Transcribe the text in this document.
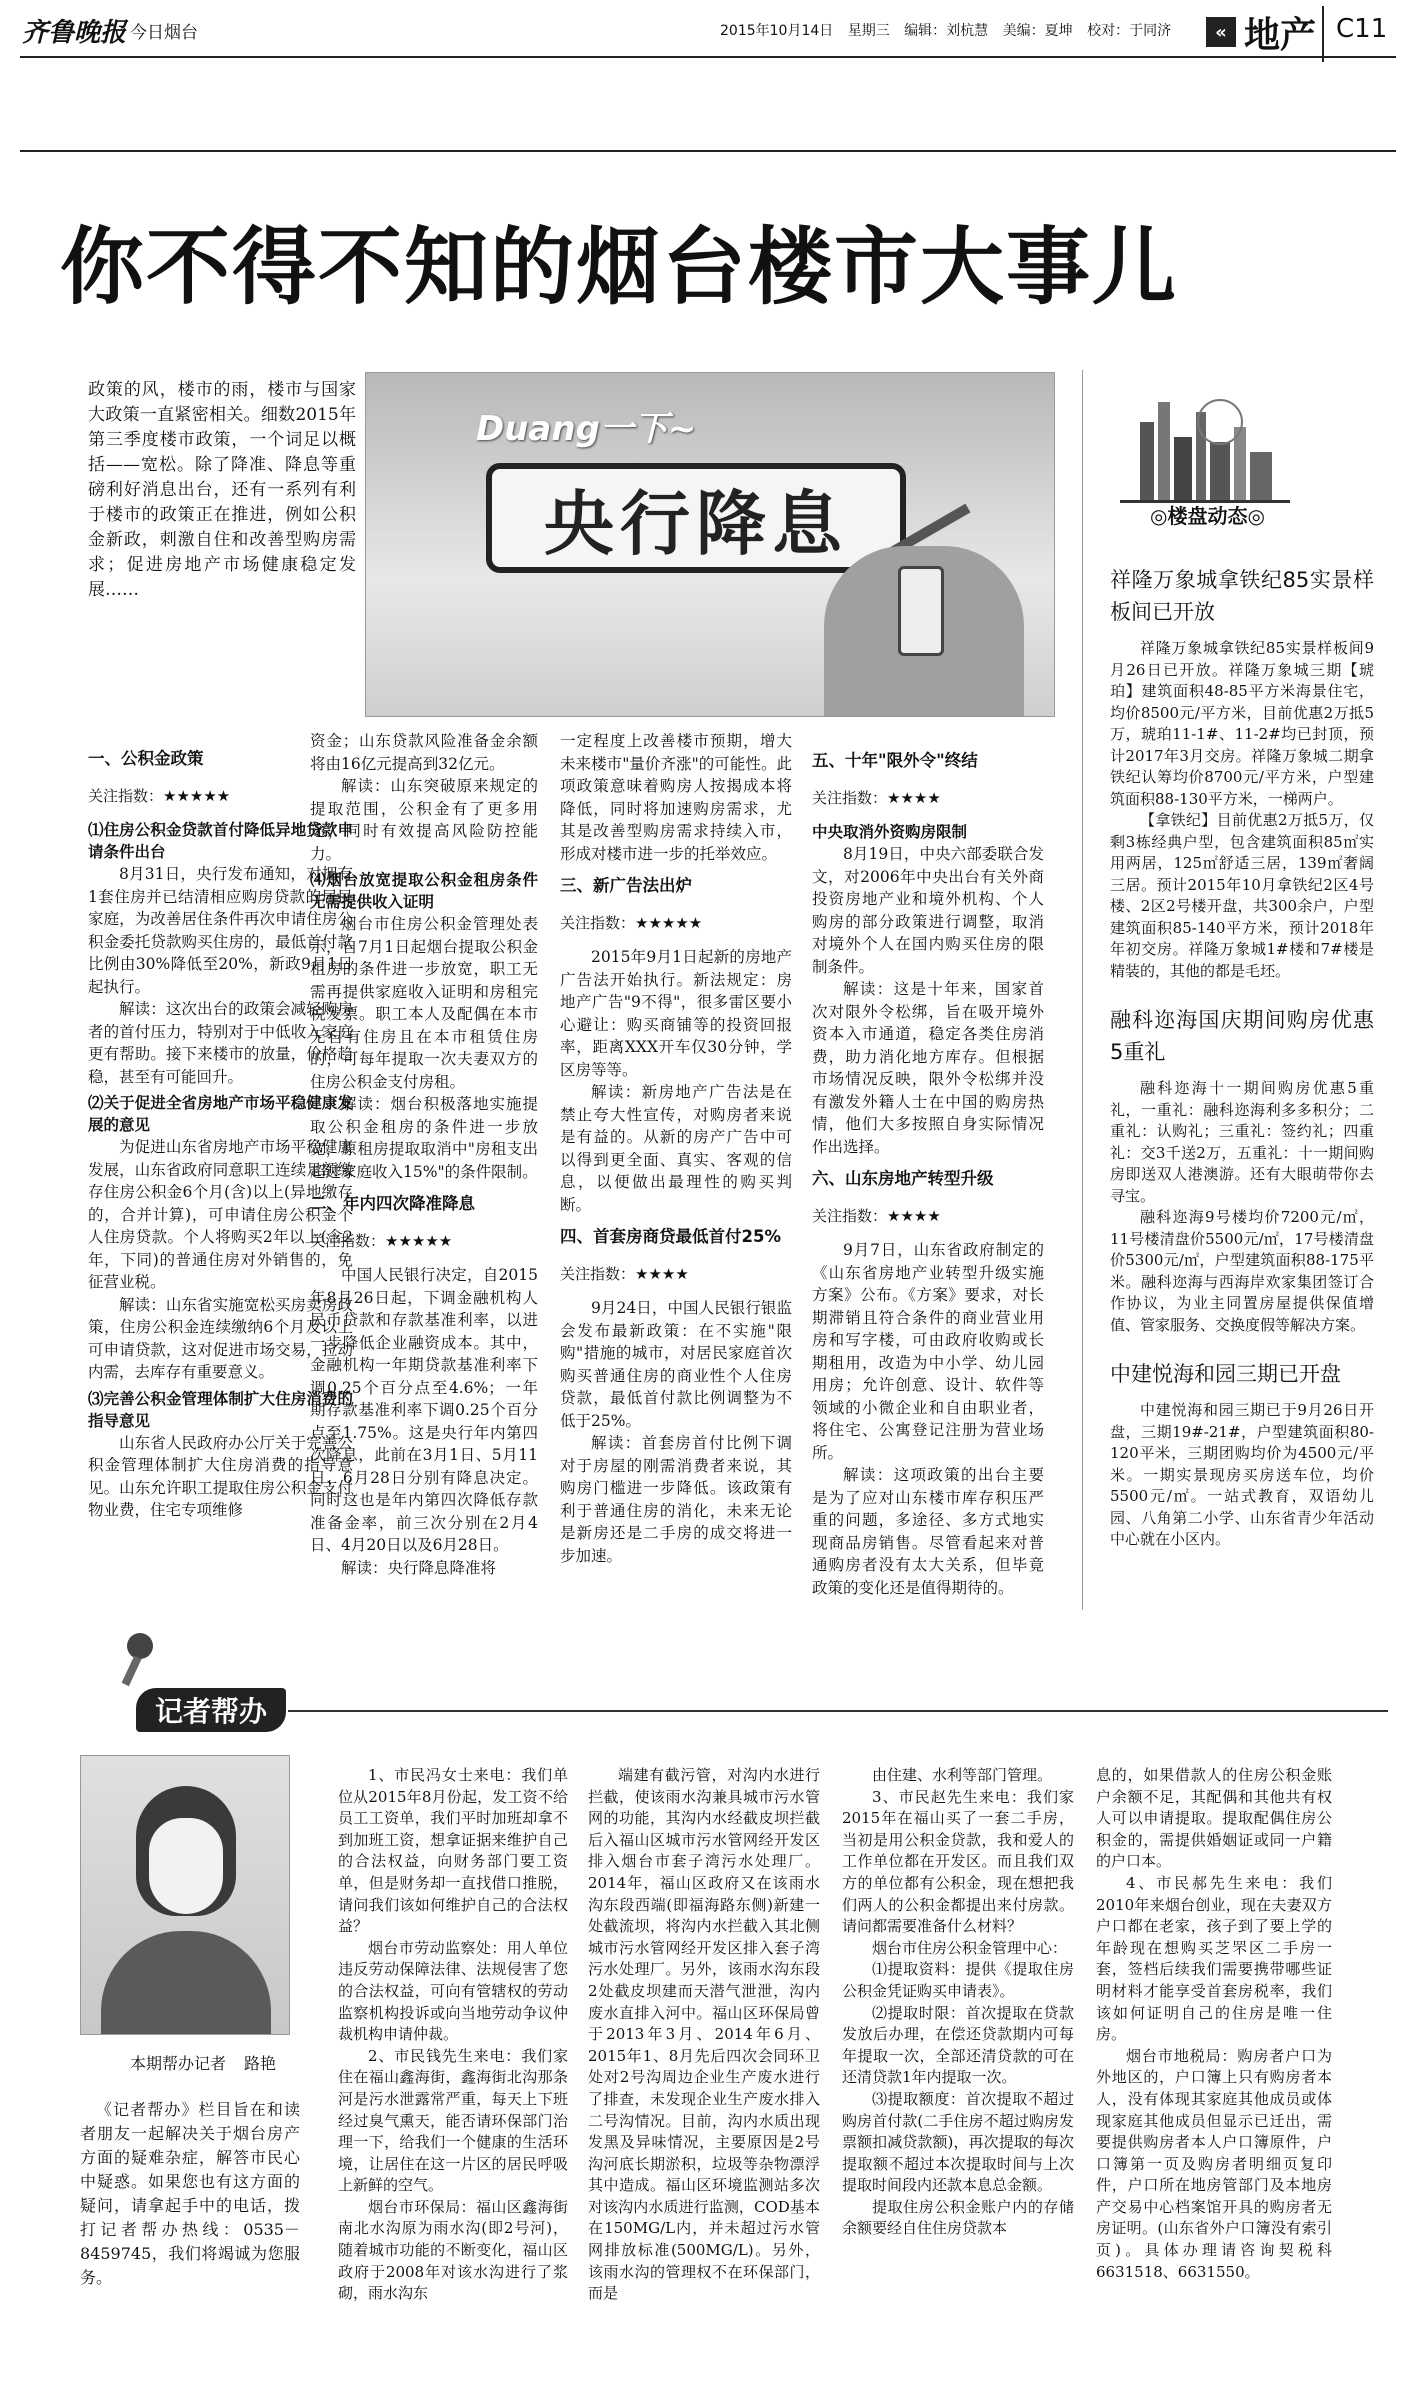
齐鲁晚报 今日烟台	2015年10月14日 星期三 编辑：刘杭慧 美编：夏坤 校对：于同济	« 地产 C11
你不得不知的烟台楼市大事儿
政策的风，楼市的雨，楼市与国家大政策一直紧密相关。细数2015年第三季度楼市政策，一个词足以概括——宽松。除了降准、降息等重磅利好消息出台，还有一系列有利于楼市的政策正在推进，例如公积金新政，刺激自住和改善型购房需求；促进房地产市场健康稳定发展……
Duang一下~
央行降息	◎楼盘动态◎
一、公积金政策
关注指数：★★★★★
⑴住房公积金贷款首付降低异地贷款申请条件出台

8月31日，央行发布通知，对拥有1套住房并已结清相应购房贷款的居民家庭，为改善居住条件再次申请住房公积金委托贷款购买住房的，最低首付款比例由30%降低至20%，新政9月1日起执行。

解读：这次出台的政策会减轻购房者的首付压力，特别对于中低收入家庭更有帮助。接下来楼市的放量，价格趋稳，甚至有可能回升。

⑵关于促进全省房地产市场平稳健康发展的意见

为促进山东省房地产市场平稳健康发展，山东省政府同意职工连续足额缴存住房公积金6个月(含)以上(异地缴存的，合并计算)，可申请住房公积金个人住房贷款。个人将购买2年以上(含2年，下同)的普通住房对外销售的，免征营业税。

解读：山东省实施宽松买房卖房政策，住房公积金连续缴纳6个月及以上可申请贷款，这对促进市场交易，拉动内需，去库存有重要意义。

⑶完善公积金管理体制扩大住房消费的指导意见

山东省人民政府办公厅关于完善公积金管理体制扩大住房消费的指导意见。山东允许职工提取住房公积金支付物业费，住宅专项维修

资金；山东贷款风险准备金余额将由16亿元提高到32亿元。

解读：山东突破原来规定的提取范围，公积金有了更多用途，同时有效提高风险防控能力。

⑷烟台放宽提取公积金租房条件无需提供收入证明

烟台市住房公积金管理处表示，自7月1日起烟台提取公积金租房的条件进一步放宽，职工无需再提供家庭收入证明和房租完税发票。职工本人及配偶在本市无自有住房且在本市租赁住房的，可每年提取一次夫妻双方的住房公积金支付房租。

解读：烟台积极落地实施提取公积金租房的条件进一步放宽，原租房提取取消中"房租支出超过家庭收入15%"的条件限制。

二、年内四次降准降息
关注指数：★★★★★

中国人民银行决定，自2015年8月26日起，下调金融机构人民币贷款和存款基准利率，以进一步降低企业融资成本。其中，金融机构一年期贷款基准利率下调0.25个百分点至4.6%；一年期存款基准利率下调0.25个百分点至1.75%。这是央行年内第四次降息，此前在3月1日、5月11日、6月28日分别有降息决定。同时这也是年内第四次降低存款准备金率，前三次分别在2月4日、4月20日以及6月28日。

解读：央行降息降准将

一定程度上改善楼市预期，增大未来楼市"量价齐涨"的可能性。此项政策意味着购房人按揭成本将降低，同时将加速购房需求，尤其是改善型购房需求持续入市，形成对楼市进一步的托举效应。

三、新广告法出炉
关注指数：★★★★★

2015年9月1日起新的房地产广告法开始执行。新法规定：房地产广告"9不得"，很多雷区要小心避让：购买商铺等的投资回报率，距离XXX开车仅30分钟，学区房等等。

解读：新房地产广告法是在禁止夸大性宣传，对购房者来说是有益的。从新的房产广告中可以得到更全面、真实、客观的信息，以便做出最理性的购买判断。

四、首套房商贷最低首付25%
关注指数：★★★★

9月24日，中国人民银行银监会发布最新政策：在不实施"限购"措施的城市，对居民家庭首次购买普通住房的商业性个人住房贷款，最低首付款比例调整为不低于25%。

解读：首套房首付比例下调对于房屋的刚需消费者来说，其购房门槛进一步降低。该政策有利于普通住房的消化，未来无论是新房还是二手房的成交将进一步加速。

五、十年"限外令"终结
关注指数：★★★★
中央取消外资购房限制

8月19日，中央六部委联合发文，对2006年中央出台有关外商投资房地产业和境外机构、个人购房的部分政策进行调整，取消对境外个人在国内购买住房的限制条件。

解读：这是十年来，国家首次对限外令松绑，旨在吸开境外资本入市通道，稳定各类住房消费，助力消化地方库存。但根据市场情况反映，限外令松绑并没有激发外籍人士在中国的购房热情，他们大多按照自身实际情况作出选择。

六、山东房地产转型升级
关注指数：★★★★

9月7日，山东省政府制定的《山东省房地产业转型升级实施方案》公布。《方案》要求，对长期滞销且符合条件的商业营业用房和写字楼，可由政府收购或长期租用，改造为中小学、幼儿园用房；允许创意、设计、软件等领域的小微企业和自由职业者，将住宅、公寓登记注册为营业场所。

解读：这项政策的出台主要是为了应对山东楼市库存积压严重的问题，多途径、多方式地实现商品房销售。尽管看起来对普通购房者没有太大关系，但毕竟政策的变化还是值得期待的。

祥隆万象城拿铁纪85实景样板间已开放

祥隆万象城拿铁纪85实景样板间9月26日已开放。祥隆万象城三期【琥珀】建筑面积48-85平方米海景住宅，均价8500元/平方米，目前优惠2万抵5万，琥珀11-1#、11-2#均已封顶，预计2017年3月交房。祥隆万象城二期拿铁纪认筹均价8700元/平方米，户型建筑面积88-130平方米，一梯两户。

【拿铁纪】目前优惠2万抵5万，仅剩3栋经典户型，包含建筑面积85㎡实用两居，125㎡舒适三居，139㎡奢阔三居。预计2015年10月拿铁纪2区4号楼、2区2号楼开盘，共300余户，户型建筑面积85-140平方米，预计2018年年初交房。祥隆万象城1#楼和7#楼是精装的，其他的都是毛坯。

融科迩海国庆期间购房优惠5重礼

融科迩海十一期间购房优惠5重礼，一重礼：融科迩海利多多积分；二重礼：认购礼；三重礼：签约礼；四重礼：交3千送2万，五重礼：十一期间购房即送双人港澳游。还有大眼萌带你去寻宝。

融科迩海9号楼均价7200元/㎡，11号楼清盘价5500元/㎡，17号楼清盘价5300元/㎡，户型建筑面积88-175平米。融科迩海与西海岸欢家集团签订合作协议，为业主同置房屋提供保值增值、管家服务、交换度假等解决方案。

中建悦海和园三期已开盘

中建悦海和园三期已于9月26日开盘，三期19#-21#，户型建筑面积80-120平米，三期团购均价为4500元/平米。一期实景现房买房送车位，均价5500元/㎡。一站式教育，双语幼儿园、八角第二小学、山东省青少年活动中心就在小区内。

记者帮办
本期帮办记者 路艳

《记者帮办》栏目旨在和读者朋友一起解决关于烟台房产方面的疑难杂症，解答市民心中疑惑。如果您也有这方面的疑问，请拿起手中的电话，拨打记者帮办热线：0535－8459745，我们将竭诚为您服务。

1、市民冯女士来电：我们单位从2015年8月份起，发工资不给员工工资单，我们平时加班却拿不到加班工资，想拿证据来维护自己的合法权益，向财务部门要工资单，但是财务却一直找借口推脱，请问我们该如何维护自己的合法权益？

烟台市劳动监察处：用人单位违反劳动保障法律、法规侵害了您的合法权益，可向有管辖权的劳动监察机构投诉或向当地劳动争议仲裁机构申请仲裁。

2、市民钱先生来电：我们家住在福山鑫海街，鑫海街北沟那条河是污水泄露常严重，每天上下班经过臭气熏天，能否请环保部门治理一下，给我们一个健康的生活环境，让居住在这一片区的居民呼吸上新鲜的空气。

烟台市环保局：福山区鑫海街南北水沟原为雨水沟(即2号河)，随着城市功能的不断变化，福山区政府于2008年对该水沟进行了浆砌，雨水沟东

端建有截污管，对沟内水进行拦截，使该雨水沟兼具城市污水管网的功能，其沟内水经截皮坝拦截后入福山区城市污水管网经开发区排入烟台市套子湾污水处理厂。2014年，福山区政府又在该雨水沟东段西端(即福海路东侧)新建一处截流坝，将沟内水拦截入其北侧城市污水管网经开发区排入套子湾污水处理厂。另外，该雨水沟东段2处截皮坝建而天潜气泄泄，沟内废水直排入河中。福山区环保局曾于2013年3月、2014年6月、2015年1、8月先后四次会同环卫处对2号沟周边企业生产废水进行了排查，未发现企业生产废水排入二号沟情况。目前，沟内水质出现发黑及异味情况，主要原因是2号沟河底长期淤积，垃圾等杂物漂浮其中造成。福山区环境监测站多次对该沟内水质进行监测，COD基本在150MG/L内，并未超过污水管网排放标准(500MG/L)。另外，该雨水沟的管理权不在环保部门，而是

由住建、水利等部门管理。

3、市民赵先生来电：我们家2015年在福山买了一套二手房，当初是用公积金贷款，我和爱人的工作单位都在开发区。而且我们双方的单位都有公积金，现在想把我们两人的公积金都提出来付房款。请问都需要准备什么材料？

烟台市住房公积金管理中心：

⑴提取资料：提供《提取住房公积金凭证购买申请表》。

⑵提取时限：首次提取在贷款发放后办理，在偿还贷款期内可每年提取一次，全部还清贷款的可在还清贷款1年内提取一次。

⑶提取额度：首次提取不超过购房首付款(二手住房不超过购房发票额扣减贷款额)，再次提取的每次提取额不超过本次提取时间与上次提取时间段内还款本息总金额。

提取住房公积金账户内的存储余额要经自住住房贷款本

息的，如果借款人的住房公积金账户余额不足，其配偶和其他共有权人可以申请提取。提取配偶住房公积金的，需提供婚姻证或同一户籍的户口本。

4、市民郝先生来电：我们2010年来烟台创业，现在夫妻双方户口都在老家，孩子到了要上学的年龄现在想购买芝罘区二手房一套，签档后续我们需要携带哪些证明材料才能享受首套房税率，我们该如何证明自己的住房是唯一住房。

烟台市地税局：购房者户口为外地区的，户口簿上只有购房者本人，没有体现其家庭其他成员或体现家庭其他成员但显示已迁出，需要提供购房者本人户口簿原件，户口簿第一页及购房者明细页复印件，户口所在地房管部门及本地房产交易中心档案馆开具的购房者无房证明。(山东省外户口簿没有索引页)。具体办理请咨询契税科6631518、6631550。
